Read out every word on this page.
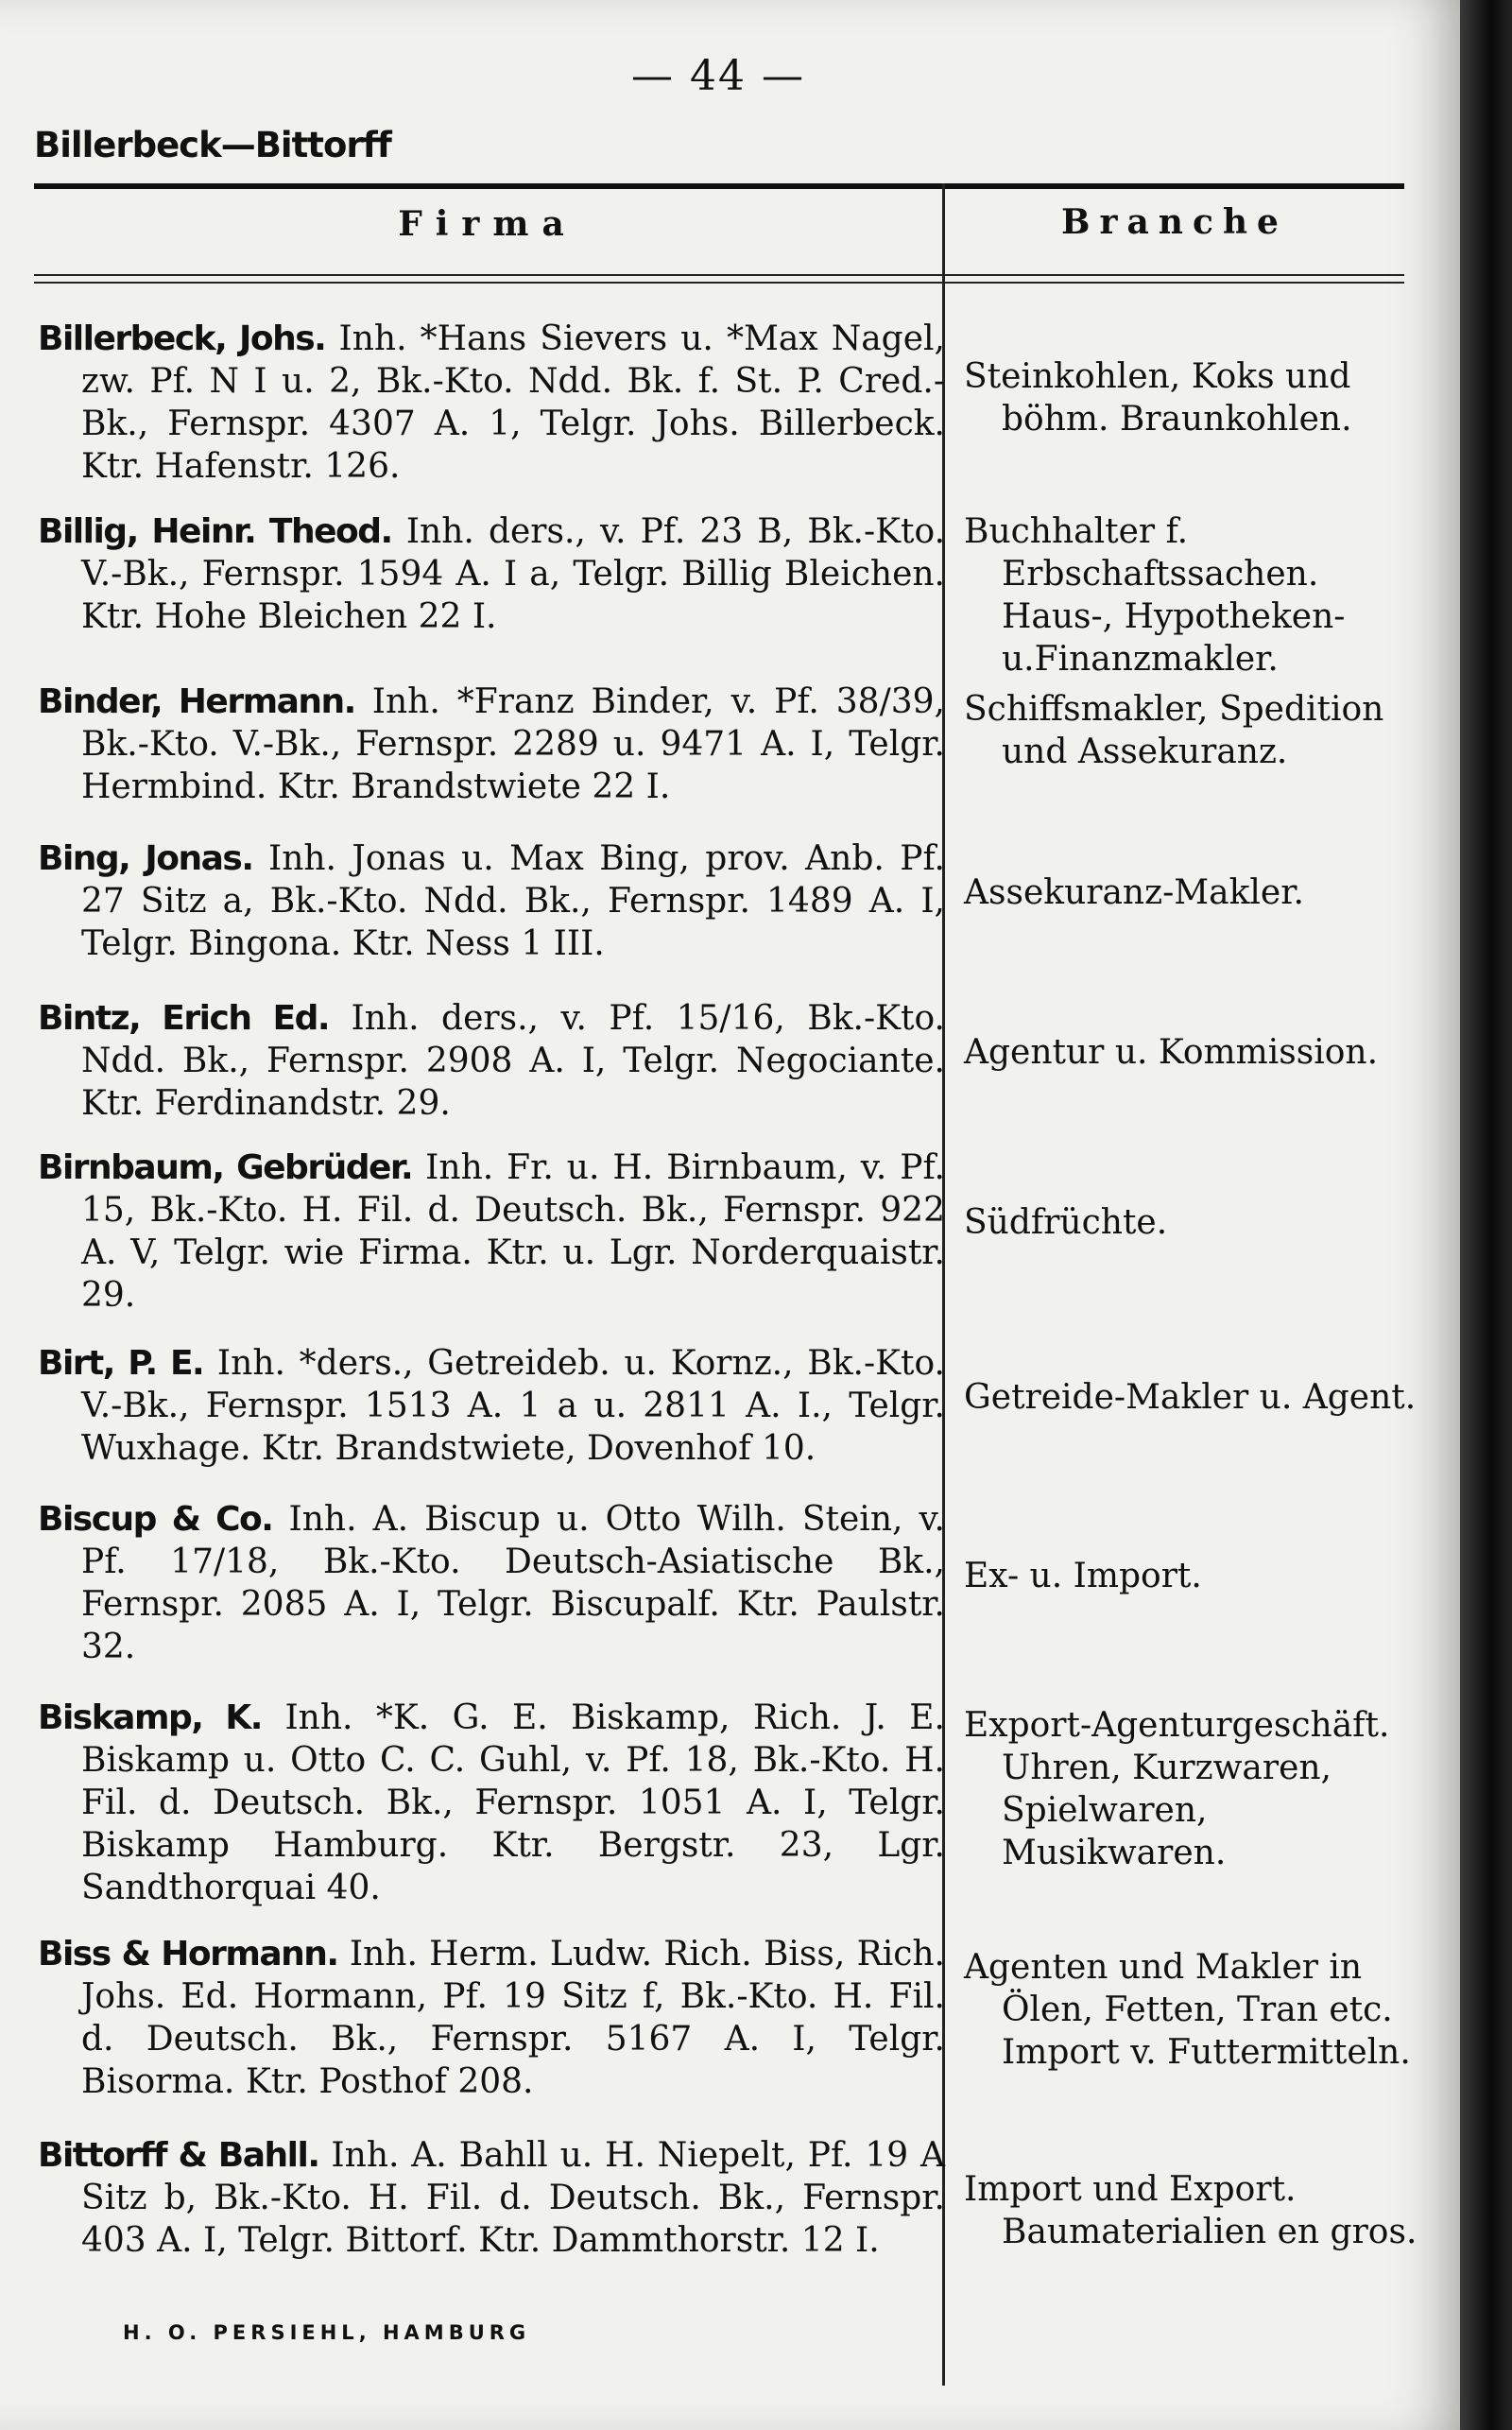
— 44 —
Billerbeck—Bittorff
Firma	Branche
Billerbeck, Johs. Inh. *Hans Sievers u. *Max Nagel, zw. Pf. N I u. 2, Bk.-Kto. Ndd. Bk. f. St. P. Cred.-Bk., Fernspr. 4307 A. 1, Telgr. Johs. Billerbeck. Ktr. Hafenstr. 126.
Steinkohlen, Koks und böhm. Braunkohlen.
Billig, Heinr. Theod. Inh. ders., v. Pf. 23 B, Bk.-Kto. V.-Bk., Fernspr. 1594 A. I a, Telgr. Billig Bleichen. Ktr. Hohe Bleichen 22 I.
Buchhalter f. Erbschaftssachen. Haus-, Hypotheken-u.Finanzmakler.
Binder, Hermann. Inh. *Franz Binder, v. Pf. 38/39, Bk.-Kto. V.-Bk., Fernspr. 2289 u. 9471 A. I, Telgr. Hermbind. Ktr. Brandstwiete 22 I.
Schiffsmakler, Spedition und Assekuranz.
Bing, Jonas. Inh. Jonas u. Max Bing, prov. Anb. Pf. 27 Sitz a, Bk.-Kto. Ndd. Bk., Fernspr. 1489 A. I, Telgr. Bingona. Ktr. Ness 1 III.
Assekuranz-Makler.
Bintz, Erich Ed. Inh. ders., v. Pf. 15/16, Bk.-Kto. Ndd. Bk., Fernspr. 2908 A. I, Telgr. Negociante. Ktr. Ferdinandstr. 29.
Agentur u. Kommission.
Birnbaum, Gebrüder. Inh. Fr. u. H. Birnbaum, v. Pf. 15, Bk.-Kto. H. Fil. d. Deutsch. Bk., Fernspr. 922 A. V, Telgr. wie Firma. Ktr. u. Lgr. Norderquaistr. 29.
Südfrüchte.
Birt, P. E. Inh. *ders., Getreideb. u. Kornz., Bk.-Kto. V.-Bk., Fernspr. 1513 A. 1 a u. 2811 A. I., Telgr. Wuxhage. Ktr. Brandstwiete, Dovenhof 10.
Getreide-Makler u. Agent.
Biscup & Co. Inh. A. Biscup u. Otto Wilh. Stein, v. Pf. 17/18, Bk.-Kto. Deutsch-Asiatische Bk., Fernspr. 2085 A. I, Telgr. Biscupalf. Ktr. Paulstr. 32.
Ex- u. Import.
Biskamp, K. Inh. *K. G. E. Biskamp, Rich. J. E. Biskamp u. Otto C. C. Guhl, v. Pf. 18, Bk.-Kto. H. Fil. d. Deutsch. Bk., Fernspr. 1051 A. I, Telgr. Biskamp Hamburg. Ktr. Bergstr. 23, Lgr. Sandthorquai 40.
Export-Agenturgeschäft. Uhren, Kurzwaren, Spielwaren, Musikwaren.
Biss & Hormann. Inh. Herm. Ludw. Rich. Biss, Rich. Johs. Ed. Hormann, Pf. 19 Sitz f, Bk.-Kto. H. Fil. d. Deutsch. Bk., Fernspr. 5167 A. I, Telgr. Bisorma. Ktr. Posthof 208.
Agenten und Makler in Ölen, Fetten, Tran etc. Import v. Futtermitteln.
Bittorff & Bahll. Inh. A. Bahll u. H. Niepelt, Pf. 19 A Sitz b, Bk.-Kto. H. Fil. d. Deutsch. Bk., Fernspr. 403 A. I, Telgr. Bittorf. Ktr. Dammthorstr. 12 I.
Import und Export. Baumaterialien en gros.
H. O. PERSIEHL, HAMBURG
